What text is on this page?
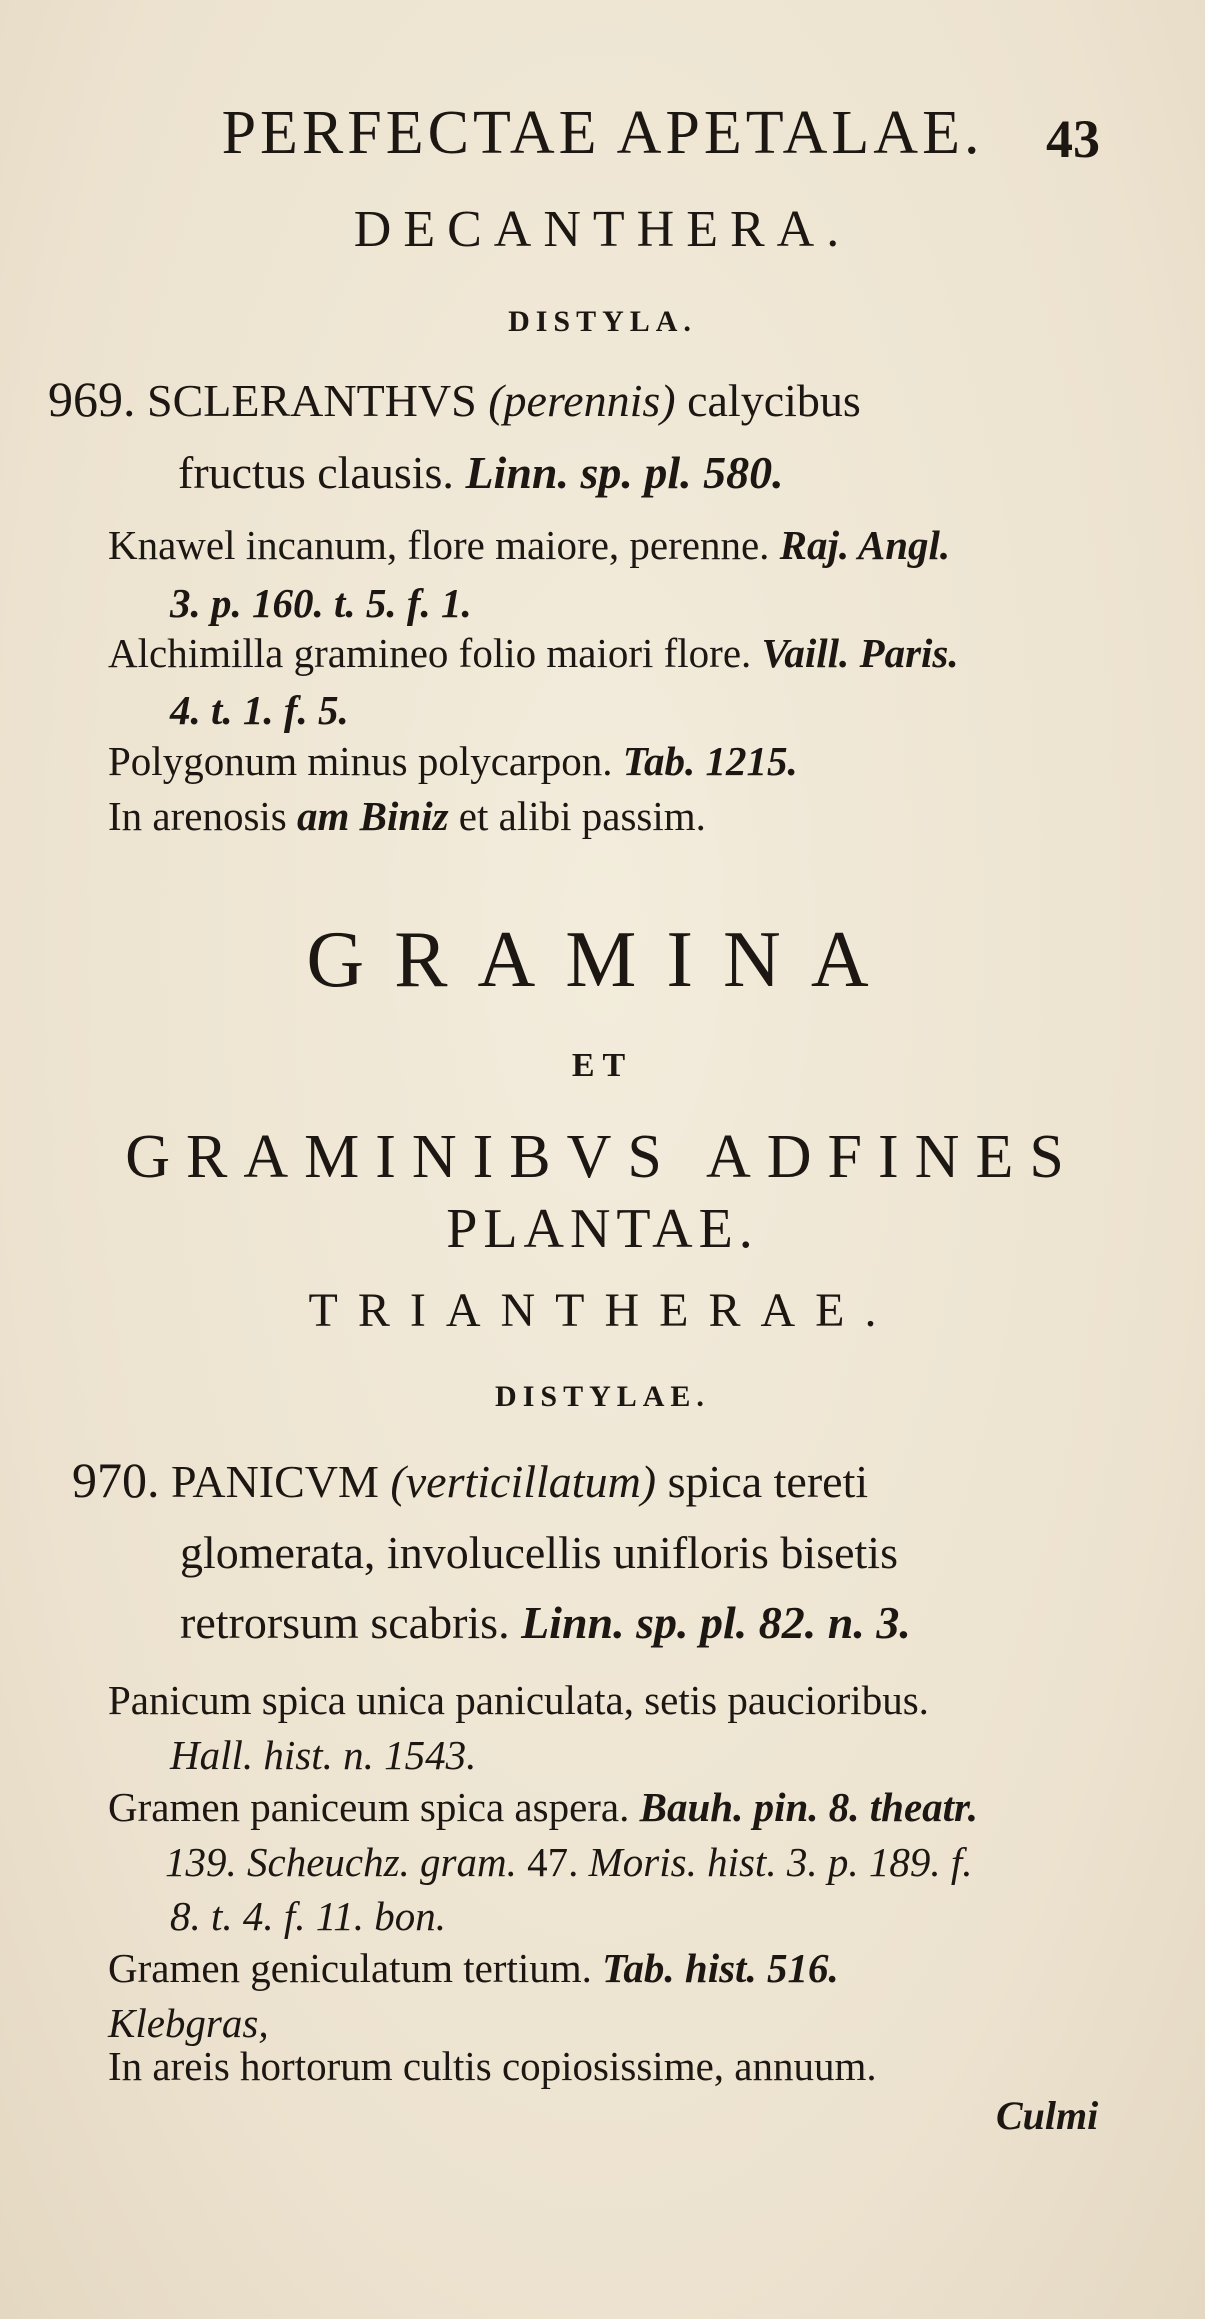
PERFECTAE APETALAE.	43
DECANTHERA.
DISTYLA.
969. SCLERANTHVS (perennis) calycibus
fructus clausis. Linn. sp. pl. 580.
Knawel incanum, flore maiore, perenne. Raj. Angl.
3. p. 160. t. 5. f. 1.
Alchimilla gramineo folio maiori flore. Vaill. Paris.
4. t. 1. f. 5.
Polygonum minus polycarpon. Tab. 1215.
In arenosis am Biniz et alibi passim.
GRAMINA
ET
GRAMINIBVS ADFINES
PLANTAE.
TRIANTHERAE.
DISTYLAE.
970. PANICVM (verticillatum) spica tereti
glomerata, involucellis unifloris bisetis
retrorsum scabris. Linn. sp. pl. 82. n. 3.
Panicum spica unica paniculata, setis paucioribus.
Hall. hist. n. 1543.
Gramen paniceum spica aspera. Bauh. pin. 8. theatr.
139. Scheuchz. gram. 47. Moris. hist. 3. p. 189. f.
8. t. 4. f. 11. bon.
Gramen geniculatum tertium. Tab. hist. 516.
Klebgras,
In areis hortorum cultis copiosissime, annuum.
Culmi
